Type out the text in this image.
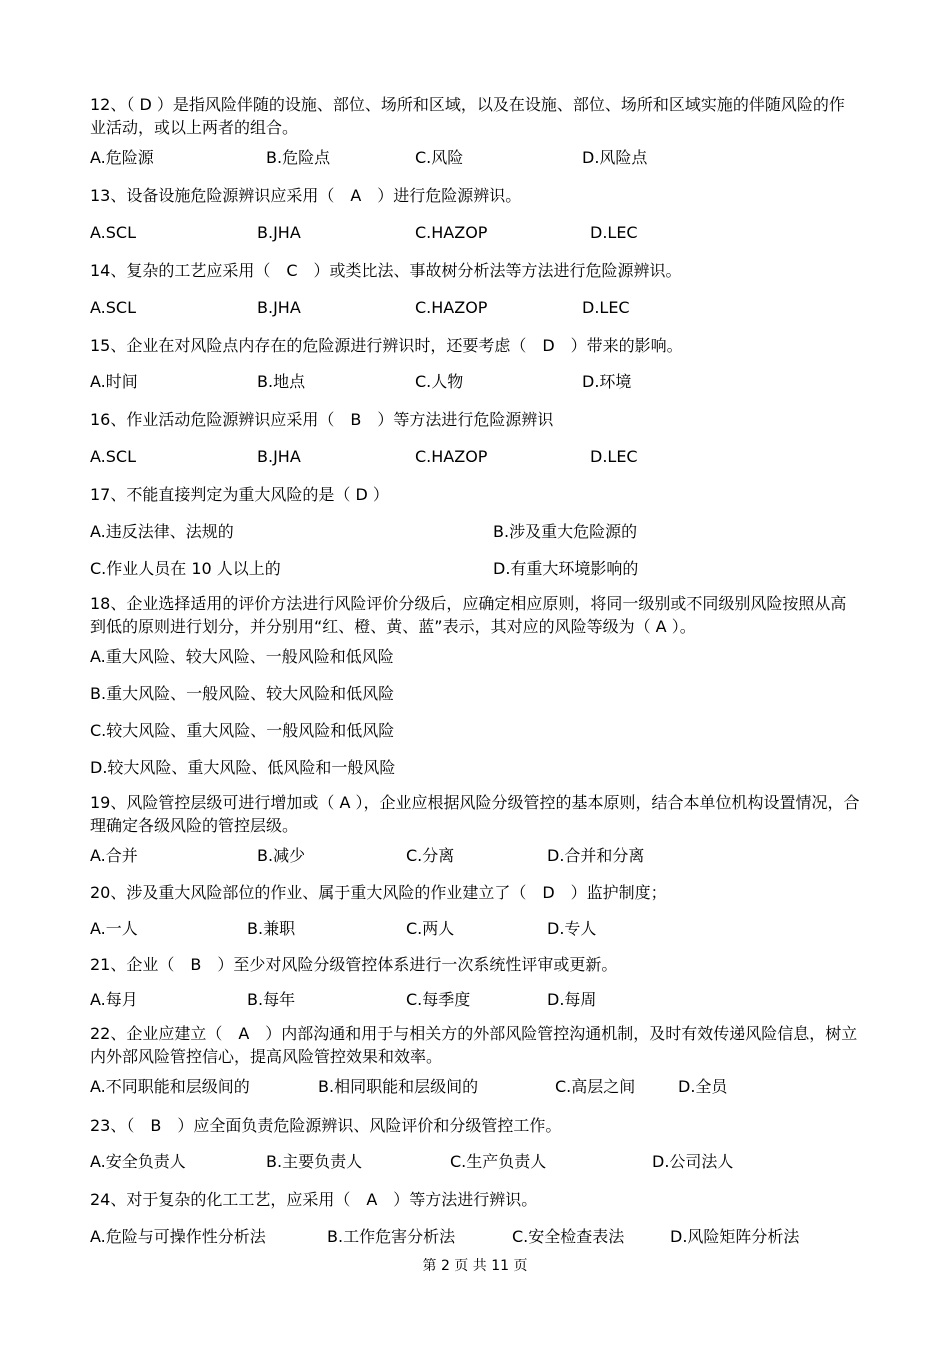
12、（ D ）是指风险伴随的设施、部位、场所和区域，以及在设施、部位、场所和区域实施的伴随风险的作业活动，或以上两者的组合。
A.危险源	B.危险点	C.风险	D.风险点
13、设备设施危险源辨识应采用（　A　）进行危险源辨识。
A.SCL	B.JHA	C.HAZOP	D.LEC
14、复杂的工艺应采用（　C　）或类比法、事故树分析法等方法进行危险源辨识。
A.SCL	B.JHA	C.HAZOP	D.LEC
15、企业在对风险点内存在的危险源进行辨识时，还要考虑（　D　）带来的影响。
A.时间	B.地点	C.人物	D.环境
16、作业活动危险源辨识应采用（　B　）等方法进行危险源辨识
A.SCL	B.JHA	C.HAZOP	D.LEC
17、不能直接判定为重大风险的是（ D ）
A.违反法律、法规的	B.涉及重大危险源的
C.作业人员在 10 人以上的	D.有重大环境影响的
18、企业选择适用的评价方法进行风险评价分级后，应确定相应原则，将同一级别或不同级别风险按照从高到低的原则进行划分，并分别用“红、橙、黄、蓝”表示，其对应的风险等级为（ A ）。
A.重大风险、较大风险、一般风险和低风险
B.重大风险、一般风险、较大风险和低风险
C.较大风险、重大风险、一般风险和低风险
D.较大风险、重大风险、低风险和一般风险
19、风险管控层级可进行增加或（ A ），企业应根据风险分级管控的基本原则，结合本单位机构设置情况，合理确定各级风险的管控层级。
A.合并	B.减少	C.分离	D.合并和分离
20、涉及重大风险部位的作业、属于重大风险的作业建立了（　D　）监护制度；
A.一人	B.兼职	C.两人	D.专人
21、企业（　B　）至少对风险分级管控体系进行一次系统性评审或更新。
A.每月	B.每年	C.每季度	D.每周
22、企业应建立（　A　）内部沟通和用于与相关方的外部风险管控沟通机制，及时有效传递风险信息，树立内外部风险管控信心，提高风险管控效果和效率。
A.不同职能和层级间的	B.相同职能和层级间的	C.高层之间	D.全员
23、（　B　）应全面负责危险源辨识、风险评价和分级管控工作。
A.安全负责人	B.主要负责人	C.生产负责人	D.公司法人
24、对于复杂的化工工艺，应采用（　A　）等方法进行辨识。
A.危险与可操作性分析法	B.工作危害分析法	C.安全检查表法	D.风险矩阵分析法
第 2 页 共 11 页
